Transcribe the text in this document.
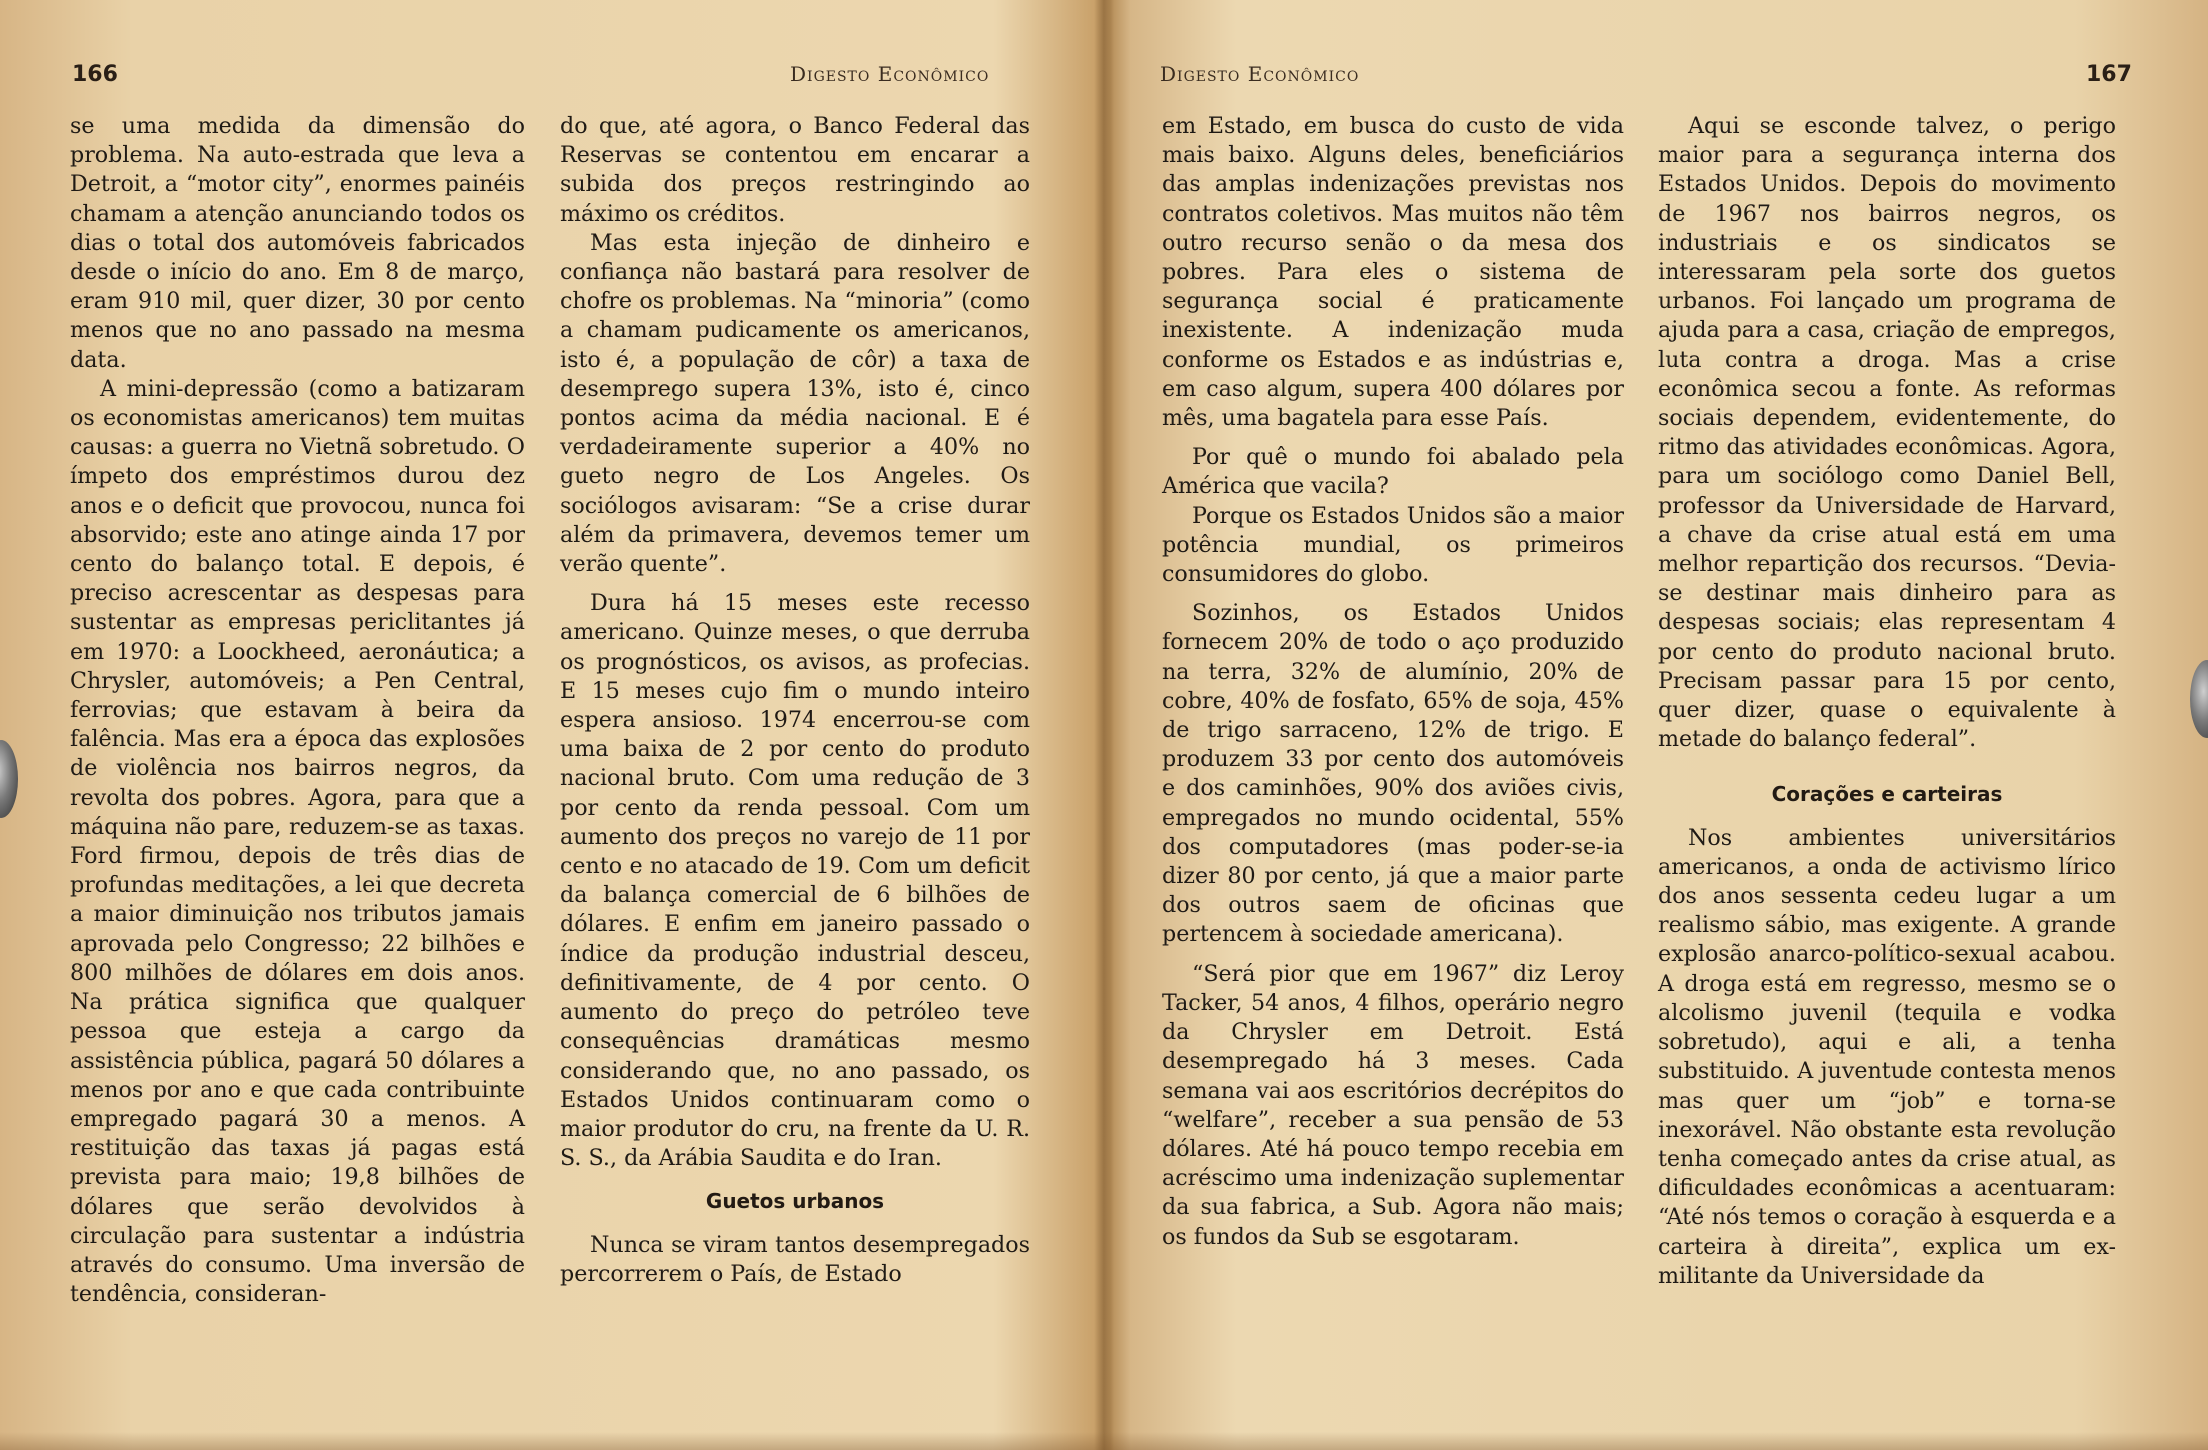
166	Digesto Econômico

se uma medida da dimensão do problema. Na auto-estrada que leva a Detroit, a “motor city”, enormes painéis chamam a atenção anunciando todos os dias o total dos automóveis fabricados desde o início do ano. Em 8 de março, eram 910 mil, quer dizer, 30 por cento menos que no ano passado na mesma data.

A mini-depressão (como a batizaram os economistas americanos) tem muitas causas: a guerra no Vietnã sobretudo. O ímpeto dos empréstimos durou dez anos e o deficit que provocou, nunca foi absorvido; este ano atinge ainda 17 por cento do balanço total. E depois, é preciso acrescentar as despesas para sustentar as empresas periclitantes já em 1970: a Loockheed, aeronáutica; a Chrysler, automóveis; a Pen Central, ferrovias; que estavam à beira da falência. Mas era a época das explosões de violência nos bairros negros, da revolta dos pobres. Agora, para que a máquina não pare, reduzem-se as taxas. Ford firmou, depois de três dias de profundas meditações, a lei que decreta a maior diminuição nos tributos jamais aprovada pelo Congresso; 22 bilhões e 800 milhões de dólares em dois anos. Na prática significa que qualquer pessoa que esteja a cargo da assistência pública, pagará 50 dólares a menos por ano e que cada contribuinte empregado pagará 30 a menos. A restituição das taxas já pagas está prevista para maio; 19,8 bilhões de dólares que serão devolvidos à circulação para sustentar a indústria através do consumo. Uma inversão de tendência, consideran-

do que, até agora, o Banco Federal das Reservas se contentou em encarar a subida dos preços restringindo ao máximo os créditos.

Mas esta injeção de dinheiro e confiança não bastará para resolver de chofre os problemas. Na “minoria” (como a chamam pudicamente os americanos, isto é, a população de côr) a taxa de desemprego supera 13%, isto é, cinco pontos acima da média nacional. E é verdadeiramente superior a 40% no gueto negro de Los Angeles. Os sociólogos avisaram: “Se a crise durar além da primavera, devemos temer um verão quente”.

Dura há 15 meses este recesso americano. Quinze meses, o que derruba os prognósticos, os avisos, as profecias. E 15 meses cujo fim o mundo inteiro espera ansioso. 1974 encerrou-se com uma baixa de 2 por cento do produto nacional bruto. Com uma redução de 3 por cento da renda pessoal. Com um aumento dos preços no varejo de 11 por cento e no atacado de 19. Com um deficit da balança comercial de 6 bilhões de dólares. E enfim em janeiro passado o índice da produção industrial desceu, definitivamente, de 4 por cento. O aumento do preço do petróleo teve consequências dramáticas mesmo considerando que, no ano passado, os Estados Unidos continuaram como o maior produtor do cru, na frente da U. R. S. S., da Arábia Saudita e do Iran.

Guetos urbanos

Nunca se viram tantos desempregados percorrerem o País, de Estado

Digesto Econômico	167

em Estado, em busca do custo de vida mais baixo. Alguns deles, beneficiários das amplas indenizações previstas nos contratos coletivos. Mas muitos não têm outro recurso senão o da mesa dos pobres. Para eles o sistema de segurança social é praticamente inexistente. A indenização muda conforme os Estados e as indústrias e, em caso algum, supera 400 dólares por mês, uma bagatela para esse País.

Por quê o mundo foi abalado pela América que vacila?

Porque os Estados Unidos são a maior potência mundial, os primeiros consumidores do globo.

Sozinhos, os Estados Unidos fornecem 20% de todo o aço produzido na terra, 32% de alumínio, 20% de cobre, 40% de fosfato, 65% de soja, 45% de trigo sarraceno, 12% de trigo. E produzem 33 por cento dos automóveis e dos caminhões, 90% dos aviões civis, empregados no mundo ocidental, 55% dos computadores (mas poder-se-ia dizer 80 por cento, já que a maior parte dos outros saem de oficinas que pertencem à sociedade americana).

“Será pior que em 1967” diz Leroy Tacker, 54 anos, 4 filhos, operário negro da Chrysler em Detroit. Está desempregado há 3 meses. Cada semana vai aos escritórios decrépitos do “welfare”, receber a sua pensão de 53 dólares. Até há pouco tempo recebia em acréscimo uma indenização suplementar da sua fabrica, a Sub. Agora não mais; os fundos da Sub se esgotaram.

Aqui se esconde talvez, o perigo maior para a segurança interna dos Estados Unidos. Depois do movimento de 1967 nos bairros negros, os industriais e os sindicatos se interessaram pela sorte dos guetos urbanos. Foi lançado um programa de ajuda para a casa, criação de empregos, luta contra a droga. Mas a crise econômica secou a fonte. As reformas sociais dependem, evidentemente, do ritmo das atividades econômicas. Agora, para um sociólogo como Daniel Bell, professor da Universidade de Harvard, a chave da crise atual está em uma melhor repartição dos recursos. “Devia-se destinar mais dinheiro para as despesas sociais; elas representam 4 por cento do produto nacional bruto. Precisam passar para 15 por cento, quer dizer, quase o equivalente à metade do balanço federal”.

Corações e carteiras

Nos ambientes universitários americanos, a onda de activismo lírico dos anos sessenta cedeu lugar a um realismo sábio, mas exigente. A grande explosão anarco-político-sexual acabou. A droga está em regresso, mesmo se o alcolismo juvenil (tequila e vodka sobretudo), aqui e ali, a tenha substituido. A juventude contesta menos mas quer um “job” e torna-se inexorável. Não obstante esta revolução tenha começado antes da crise atual, as dificuldades econômicas a acentuaram: “Até nós temos o coração à esquerda e a carteira à direita”, explica um ex-militante da Universidade da
